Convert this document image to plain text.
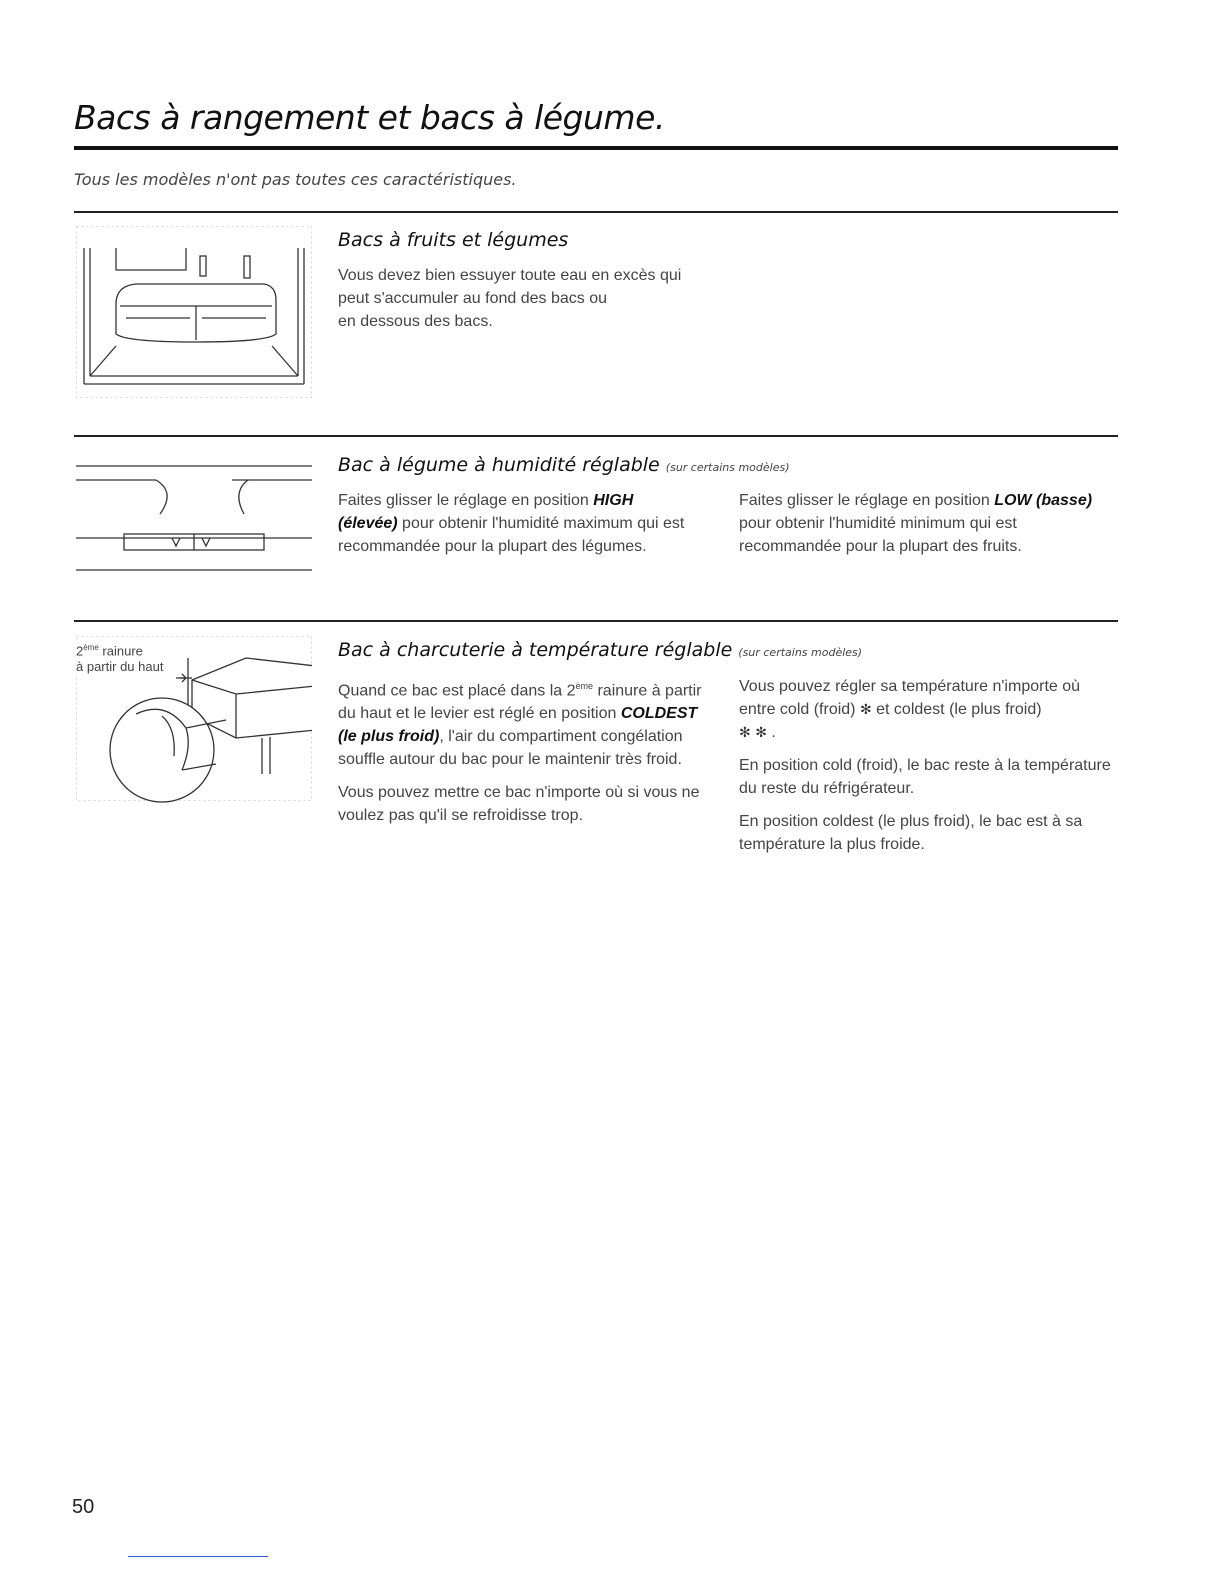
Bacs à rangement et bacs à légume.

Tous les modèles n'ont pas toutes ces caractéristiques.

Bacs à fruits et légumes

Vous devez bien essuyer toute eau en excès qui

peut s'accumuler au fond des bacs ou

en dessous des bacs.

Bac à légume à humidité réglable (sur certains modèles)

Faites glisser le réglage en position HIGH (élevée) pour obtenir l'humidité maximum qui est recommandée pour la plupart des légumes.

Faites glisser le réglage en position LOW (basse) pour obtenir l'humidité minimum qui est recommandée pour la plupart des fruits.

2ème rainure
à partir du haut
Bac à charcuterie à température réglable (sur certains modèles)

Quand ce bac est placé dans la 2ème rainure à partir du haut et le levier est réglé en position COLDEST (le plus froid), l'air du compartiment congélation souffle autour du bac pour le maintenir très froid.

Vous pouvez mettre ce bac n'importe où si vous ne voulez pas qu'il se refroidisse trop.

Vous pouvez régler sa température n'importe où entre cold (froid) ✻ et coldest (le plus froid)
✻ ✻ .

En position cold (froid), le bac reste à la température du reste du réfrigérateur.

En position coldest (le plus froid), le bac est à sa température la plus froide.

50
